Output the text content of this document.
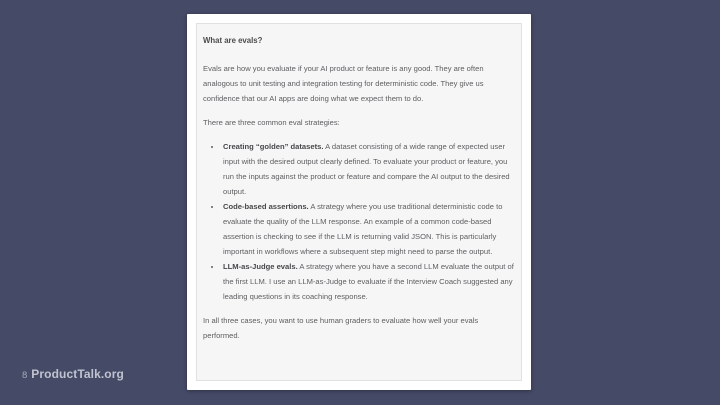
What are evals?

Evals are how you evaluate if your AI product or feature is any good. They are often analogous to unit testing and integration testing for deterministic code. They give us confidence that our AI apps are doing what we expect them to do.

There are three common eval strategies:

• Creating “golden” datasets. A dataset consisting of a wide range of expected user input with the desired output clearly defined. To evaluate your product or feature, you run the inputs against the product or feature and compare the AI output to the desired output.
• Code-based assertions. A strategy where you use traditional deterministic code to evaluate the quality of the LLM response. An example of a common code-based assertion is checking to see if the LLM is returning valid JSON. This is particularly important in workflows where a subsequent step might need to parse the output.
• LLM-as-Judge evals. A strategy where you have a second LLM evaluate the output of the first LLM. I use an LLM-as-Judge to evaluate if the Interview Coach suggested any leading questions in its coaching response.

In all three cases, you want to use human graders to evaluate how well your evals performed.

8 ProductTalk.org
